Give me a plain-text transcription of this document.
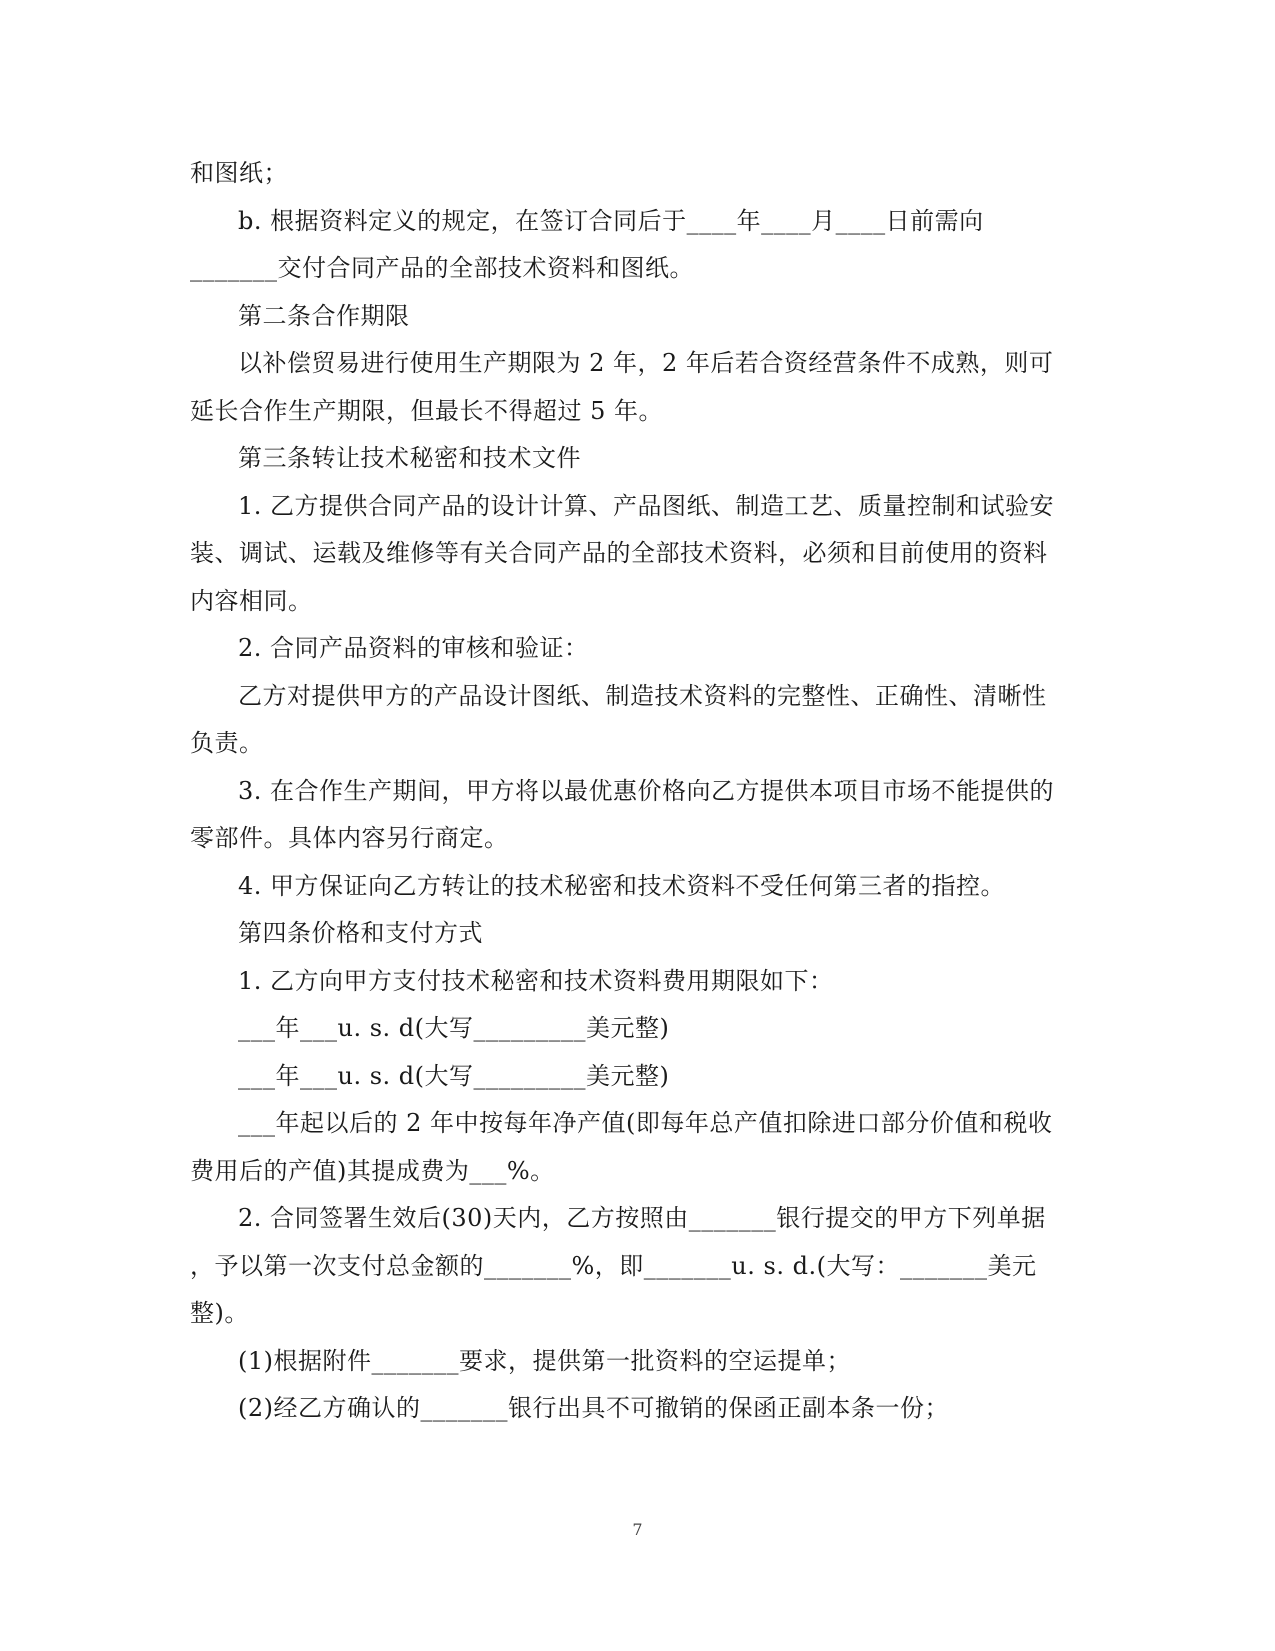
和图纸；
b. 根据资料定义的规定，在签订合同后于____年____月____日前需向
_______交付合同产品的全部技术资料和图纸。
第二条合作期限
以补偿贸易进行使用生产期限为 2 年，2 年后若合资经营条件不成熟，则可
延长合作生产期限，但最长不得超过 5 年。
第三条转让技术秘密和技术文件
1. 乙方提供合同产品的设计计算、产品图纸、制造工艺、质量控制和试验安
装、调试、运载及维修等有关合同产品的全部技术资料，必须和目前使用的资料
内容相同。
2. 合同产品资料的审核和验证：
乙方对提供甲方的产品设计图纸、制造技术资料的完整性、正确性、清晰性
负责。
3. 在合作生产期间，甲方将以最优惠价格向乙方提供本项目市场不能提供的
零部件。具体内容另行商定。
4. 甲方保证向乙方转让的技术秘密和技术资料不受任何第三者的指控。
第四条价格和支付方式
1. 乙方向甲方支付技术秘密和技术资料费用期限如下：
___年___u. s. d(大写_________美元整)
___年___u. s. d(大写_________美元整)
___年起以后的 2 年中按每年净产值(即每年总产值扣除进口部分价值和税收
费用后的产值)其提成费为___%。
2. 合同签署生效后(30)天内，乙方按照由_______银行提交的甲方下列单据
，予以第一次支付总金额的_______%，即_______u. s. d.(大写：_______美元
整)。
(1)根据附件_______要求，提供第一批资料的空运提单；
(2)经乙方确认的_______银行出具不可撤销的保函正副本条一份；
7
